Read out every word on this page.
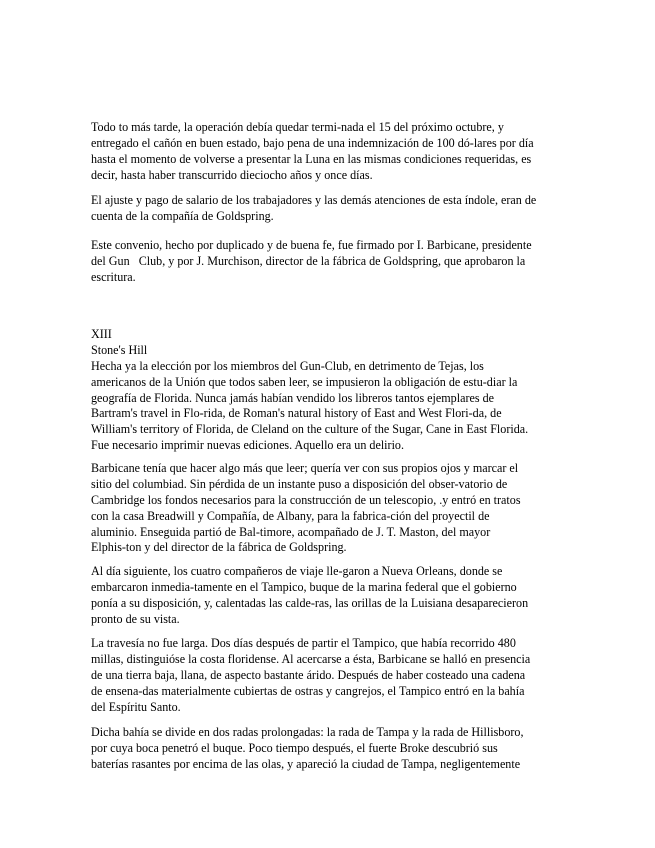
Todo to más tarde, la operación debía quedar termi-nada el 15 del próximo octubre, y
entregado el cañón en buen estado, bajo pena de una indemnización de 100 dó-lares por día
hasta el momento de volverse a presentar la Luna en las mismas condiciones requeridas, es
decir, hasta haber transcurrido dieciocho años y once días.
El ajuste y pago de salario de los trabajadores y las demás atenciones de esta índole, eran de
cuenta de la compañía de Goldspring.
Este convenio, hecho por duplicado y de buena fe, fue firmado por I. Barbicane, presidente
del Gun   Club, y por J. Murchison, director de la fábrica de Goldspring, que aprobaron la
escritura.
XIII
Stone's Hill
Hecha ya la elección por los miembros del Gun-Club, en detrimento de Tejas, los
americanos de la Unión que todos saben leer, se impusieron la obligación de estu-diar la
geografía de Florida. Nunca jamás habían vendido los libreros tantos ejemplares de
Bartram's travel in Flo-rida, de Roman's natural history of East and West Flori-da, de
William's territory of Florida, de Cleland on the culture of the Sugar, Cane in East Florida.
Fue necesario imprimir nuevas ediciones. Aquello era un delirio.
Barbicane tenía que hacer algo más que leer; quería ver con sus propios ojos y marcar el
sitio del columbiad. Sin pérdida de un instante puso a disposición del obser-vatorio de
Cambridge los fondos necesarios para la construcción de un telescopio, .y entró en tratos
con la casa Breadwill y Compañía, de Albany, para la fabrica-ción del proyectil de
aluminio. Enseguida partió de Bal-timore, acompañado de J. T. Maston, del mayor
Elphis-ton y del director de la fábrica de Goldspring.
Al día siguiente, los cuatro compañeros de viaje lle-garon a Nueva Orleans, donde se
embarcaron inmedia-tamente en el Tampico, buque de la marina federal que el gobierno
ponía a su disposición, y, calentadas las calde-ras, las orillas de la Luisiana desaparecieron
pronto de su vista.
La travesía no fue larga. Dos días después de partir el Tampico, que había recorrido 480
millas, distinguióse la costa floridense. Al acercarse a ésta, Barbicane se halló en presencia
de una tierra baja, llana, de aspecto bastante árido. Después de haber costeado una cadena
de ensena-das materialmente cubiertas de ostras y cangrejos, el Tampico entró en la bahía
del Espíritu Santo.
Dicha bahía se divide en dos radas prolongadas: la rada de Tampa y la rada de Hillisboro,
por cuya boca penetró el buque. Poco tiempo después, el fuerte Broke descubrió sus
baterías rasantes por encima de las olas, y apareció la ciudad de Tampa, negligentemente
